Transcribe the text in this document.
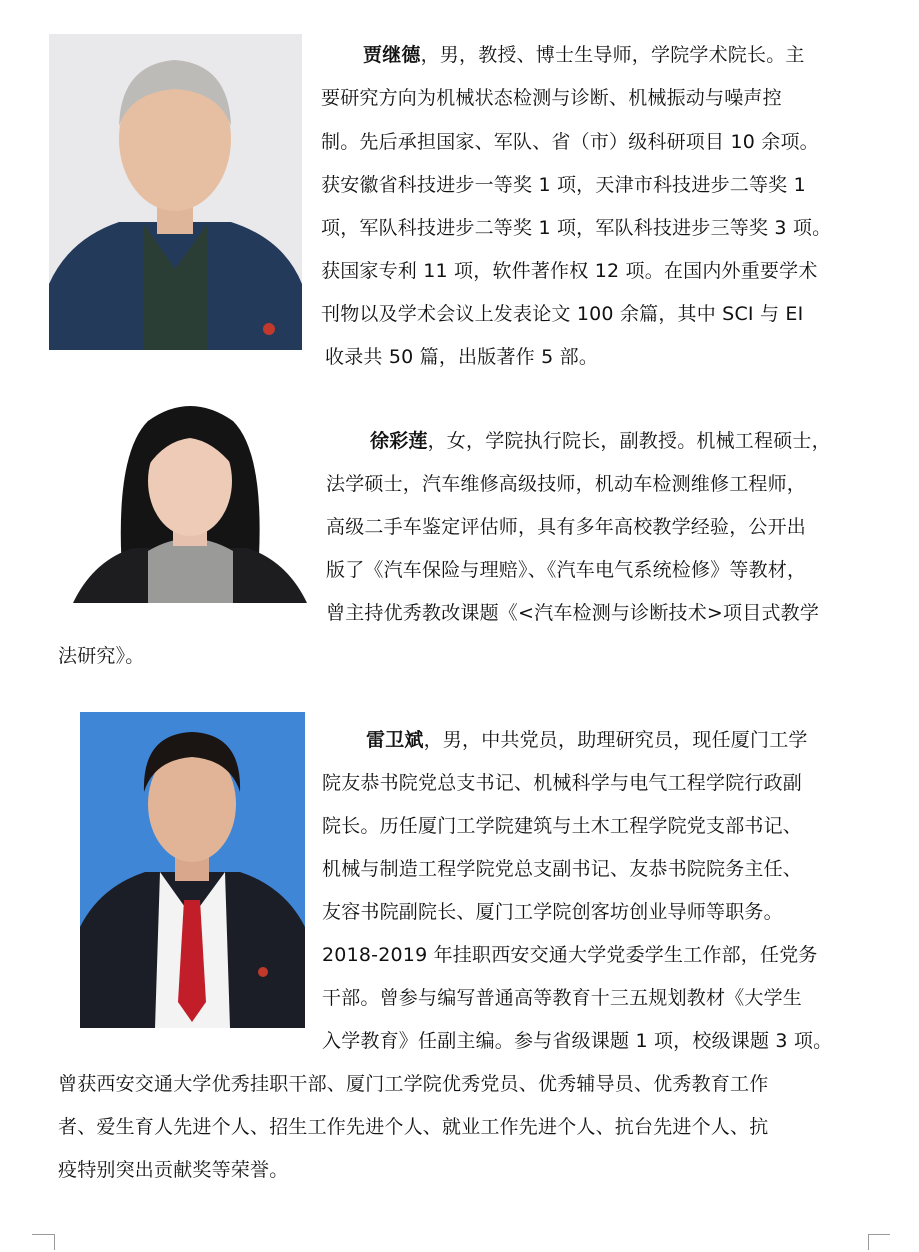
贾继德，男，教授、博士生导师，学院学术院长。主
要研究方向为机械状态检测与诊断、机械振动与噪声控
制。先后承担国家、军队、省（市）级科研项目 10 余项。
获安徽省科技进步一等奖 1 项，天津市科技进步二等奖 1
项，军队科技进步二等奖 1 项，军队科技进步三等奖 3 项。
获国家专利 11 项，软件著作权 12 项。在国内外重要学术
刊物以及学术会议上发表论文 100 余篇，其中 SCI 与 EI
收录共 50 篇，出版著作 5 部。
徐彩莲，女，学院执行院长，副教授。机械工程硕士，
法学硕士，汽车维修高级技师，机动车检测维修工程师，
高级二手车鉴定评估师，具有多年高校教学经验，公开出
版了《汽车保险与理赔》、《汽车电气系统检修》等教材，
曾主持优秀教改课题《<汽车检测与诊断技术>项目式教学
法研究》。
雷卫斌，男，中共党员，助理研究员，现任厦门工学
院友恭书院党总支书记、机械科学与电气工程学院行政副
院长。历任厦门工学院建筑与土木工程学院党支部书记、
机械与制造工程学院党总支副书记、友恭书院院务主任、
友容书院副院长、厦门工学院创客坊创业导师等职务。
2018-2019 年挂职西安交通大学党委学生工作部，任党务
干部。曾参与编写普通高等教育十三五规划教材《大学生
入学教育》任副主编。参与省级课题 1 项，校级课题 3 项。
曾获西安交通大学优秀挂职干部、厦门工学院优秀党员、优秀辅导员、优秀教育工作
者、爱生育人先进个人、招生工作先进个人、就业工作先进个人、抗台先进个人、抗
疫特别突出贡献奖等荣誉。
